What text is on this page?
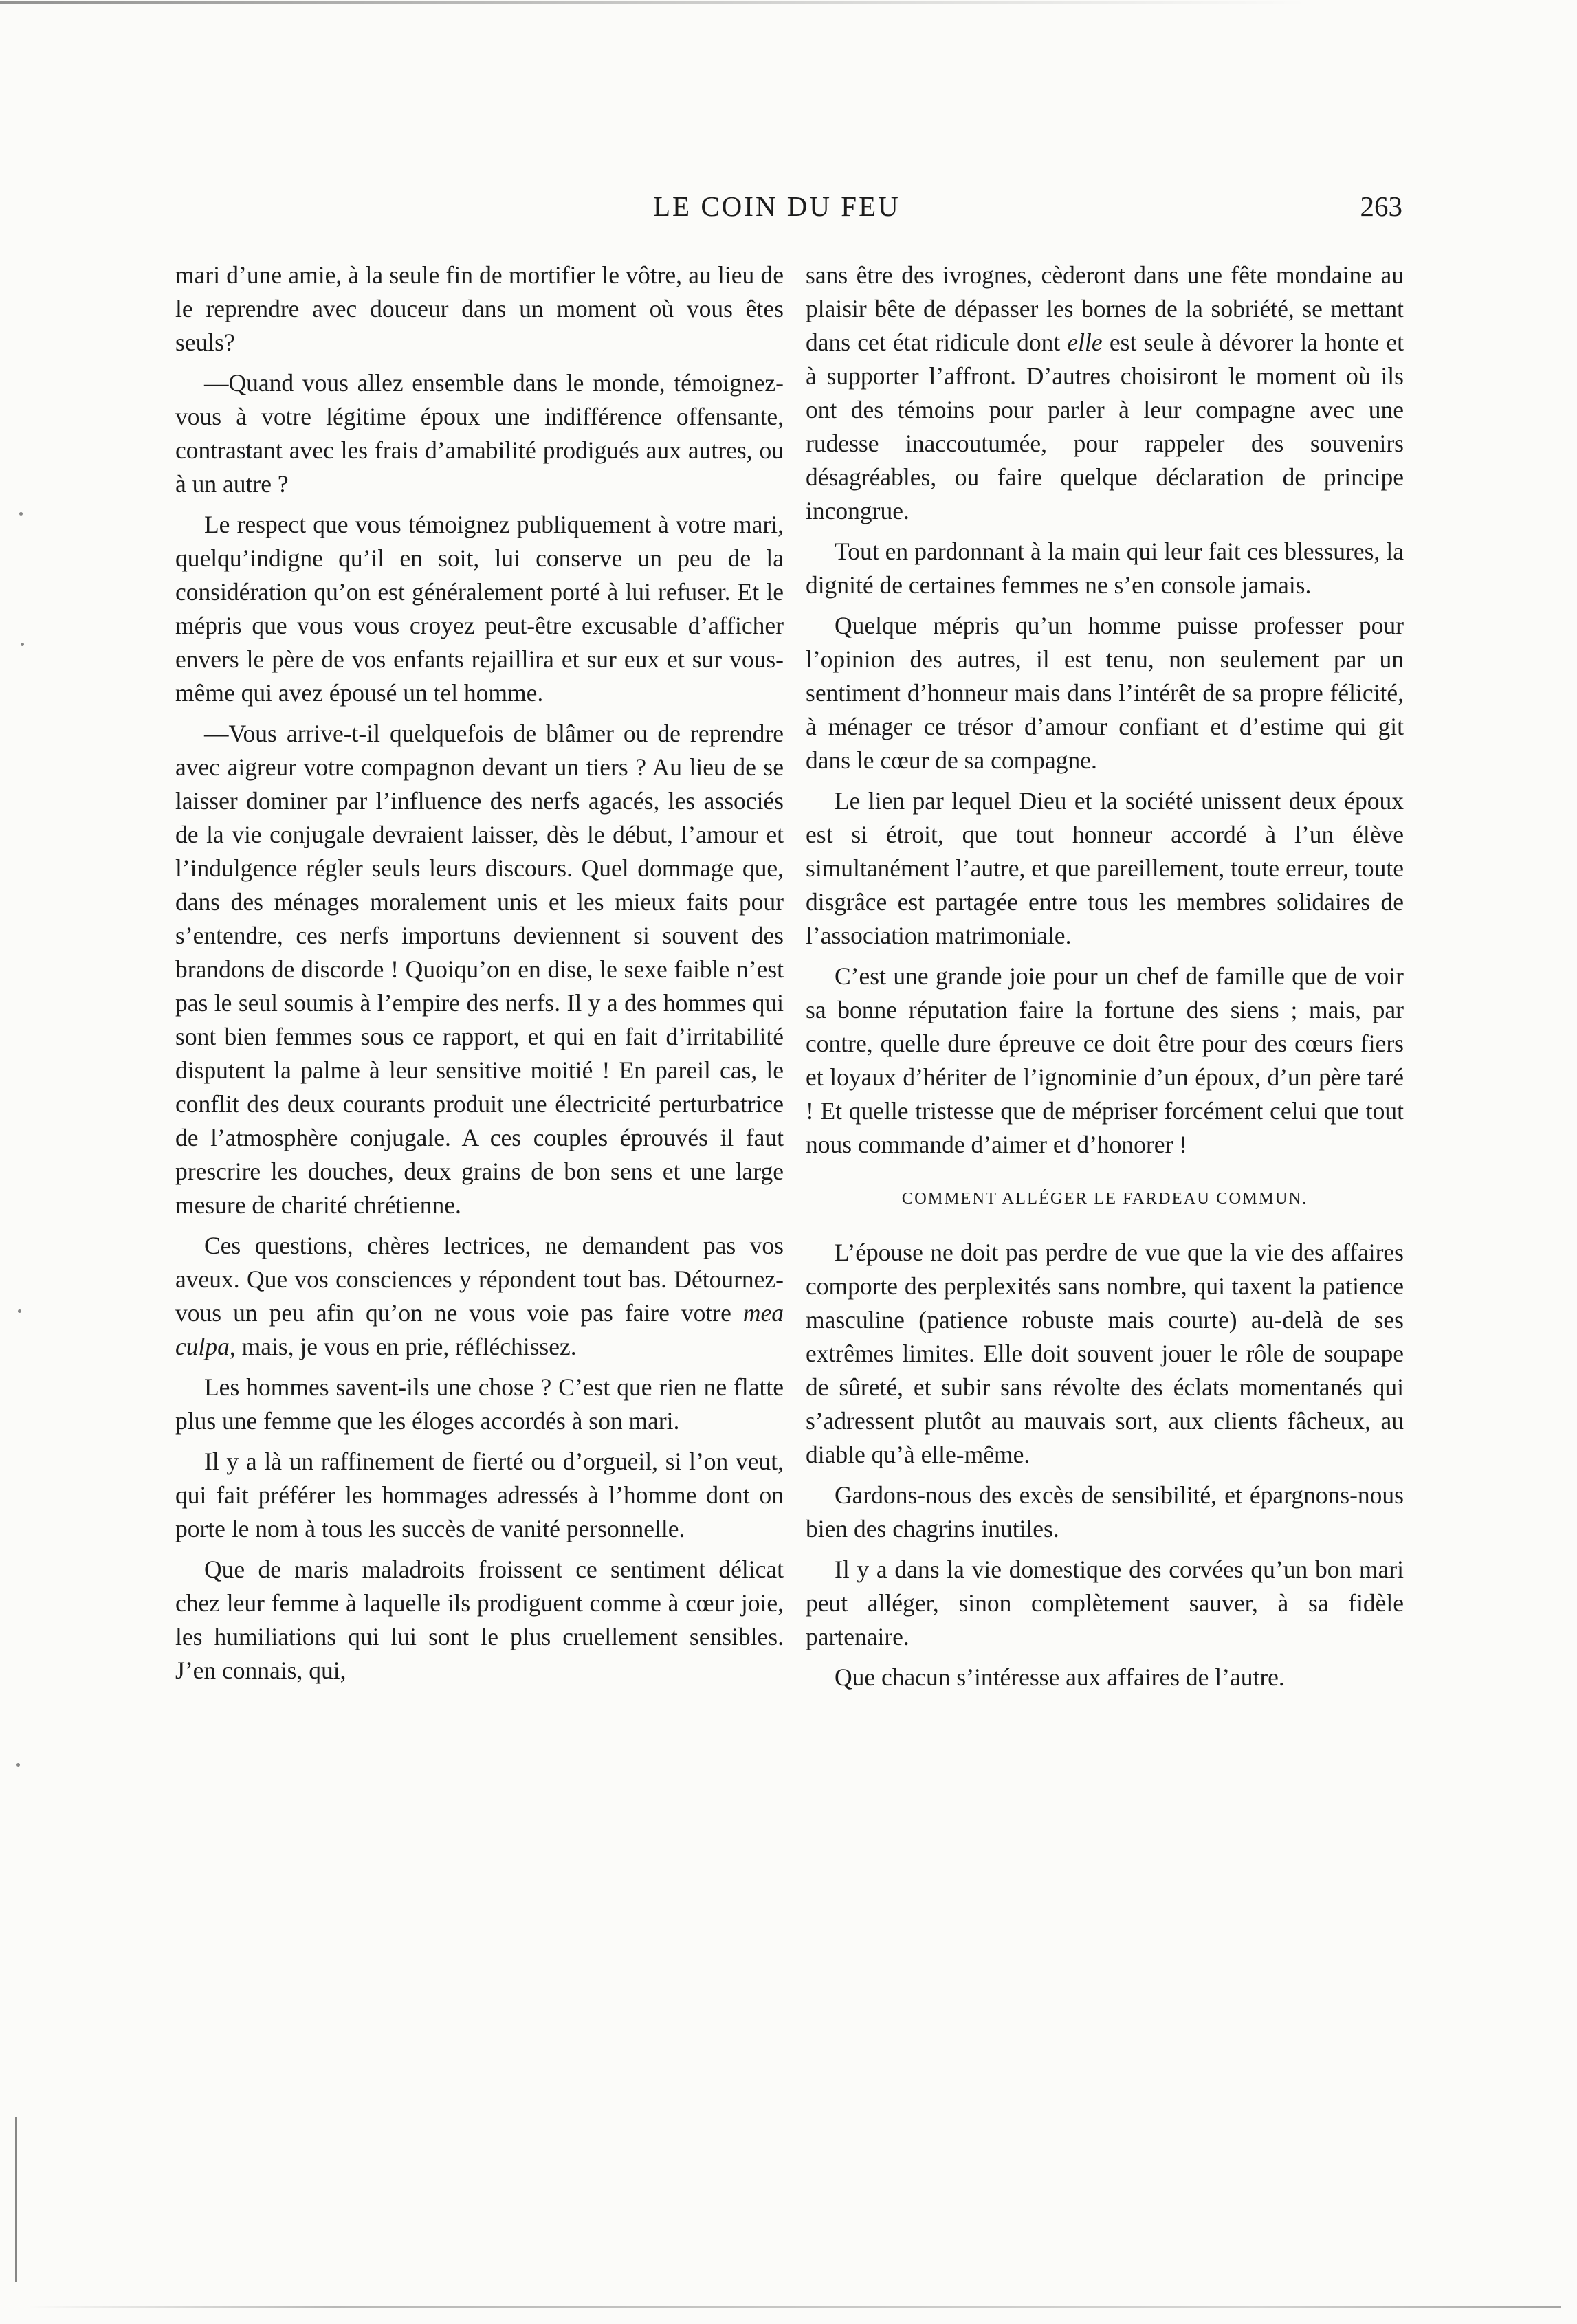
LE COIN DU FEU	263

mari d’une amie, à la seule fin de mortifier le vôtre, au lieu de le reprendre avec douceur dans un moment où vous êtes seuls?

—Quand vous allez ensemble dans le monde, témoignez-vous à votre légitime époux une indifférence offensante, contrastant avec les frais d’amabilité prodigués aux autres, ou à un autre ?

Le respect que vous témoignez publiquement à votre mari, quelqu’indigne qu’il en soit, lui conserve un peu de la considération qu’on est généralement porté à lui refuser. Et le mépris que vous vous croyez peut-être excusable d’afficher envers le père de vos enfants rejaillira et sur eux et sur vous-même qui avez épousé un tel homme.

—Vous arrive-t-il quelquefois de blâmer ou de reprendre avec aigreur votre compagnon devant un tiers ? Au lieu de se laisser dominer par l’influence des nerfs agacés, les associés de la vie conjugale devraient laisser, dès le début, l’amour et l’indulgence régler seuls leurs discours. Quel dommage que, dans des ménages moralement unis et les mieux faits pour s’entendre, ces nerfs importuns deviennent si souvent des brandons de discorde ! Quoiqu’on en dise, le sexe faible n’est pas le seul soumis à l’empire des nerfs. Il y a des hommes qui sont bien femmes sous ce rapport, et qui en fait d’irritabilité disputent la palme à leur sensitive moitié ! En pareil cas, le conflit des deux courants produit une électricité perturbatrice de l’atmosphère conjugale. A ces couples éprouvés il faut prescrire les douches, deux grains de bon sens et une large mesure de charité chrétienne.

Ces questions, chères lectrices, ne demandent pas vos aveux. Que vos consciences y répondent tout bas. Détournez-vous un peu afin qu’on ne vous voie pas faire votre mea culpa, mais, je vous en prie, réfléchissez.

Les hommes savent-ils une chose ? C’est que rien ne flatte plus une femme que les éloges accordés à son mari.

Il y a là un raffinement de fierté ou d’orgueil, si l’on veut, qui fait préférer les hommages adressés à l’homme dont on porte le nom à tous les succès de vanité personnelle.

Que de maris maladroits froissent ce sentiment délicat chez leur femme à laquelle ils prodiguent comme à cœur joie, les humiliations qui lui sont le plus cruellement sensibles. J’en connais, qui,

sans être des ivrognes, cèderont dans une fête mondaine au plaisir bête de dépasser les bornes de la sobriété, se mettant dans cet état ridicule dont elle est seule à dévorer la honte et à supporter l’affront. D’autres choisiront le moment où ils ont des témoins pour parler à leur compagne avec une rudesse inaccoutumée, pour rappeler des souvenirs désagréables, ou faire quelque déclaration de principe incongrue.

Tout en pardonnant à la main qui leur fait ces blessures, la dignité de certaines femmes ne s’en console jamais.

Quelque mépris qu’un homme puisse professer pour l’opinion des autres, il est tenu, non seulement par un sentiment d’honneur mais dans l’intérêt de sa propre félicité, à ménager ce trésor d’amour confiant et d’estime qui git dans le cœur de sa compagne.

Le lien par lequel Dieu et la société unissent deux époux est si étroit, que tout honneur accordé à l’un élève simultanément l’autre, et que pareillement, toute erreur, toute disgrâce est partagée entre tous les membres solidaires de l’association matrimoniale.

C’est une grande joie pour un chef de famille que de voir sa bonne réputation faire la fortune des siens ; mais, par contre, quelle dure épreuve ce doit être pour des cœurs fiers et loyaux d’hériter de l’ignominie d’un époux, d’un père taré ! Et quelle tristesse que de mépriser forcément celui que tout nous commande d’aimer et d’honorer !

COMMENT ALLÉGER LE FARDEAU COMMUN.

L’épouse ne doit pas perdre de vue que la vie des affaires comporte des perplexités sans nombre, qui taxent la patience masculine (patience robuste mais courte) au-delà de ses extrêmes limites. Elle doit souvent jouer le rôle de soupape de sûreté, et subir sans révolte des éclats momentanés qui s’adressent plutôt au mauvais sort, aux clients fâcheux, au diable qu’à elle-même.

Gardons-nous des excès de sensibilité, et épargnons-nous bien des chagrins inutiles.

Il y a dans la vie domestique des corvées qu’un bon mari peut alléger, sinon complètement sauver, à sa fidèle partenaire.

Que chacun s’intéresse aux affaires de l’autre.
